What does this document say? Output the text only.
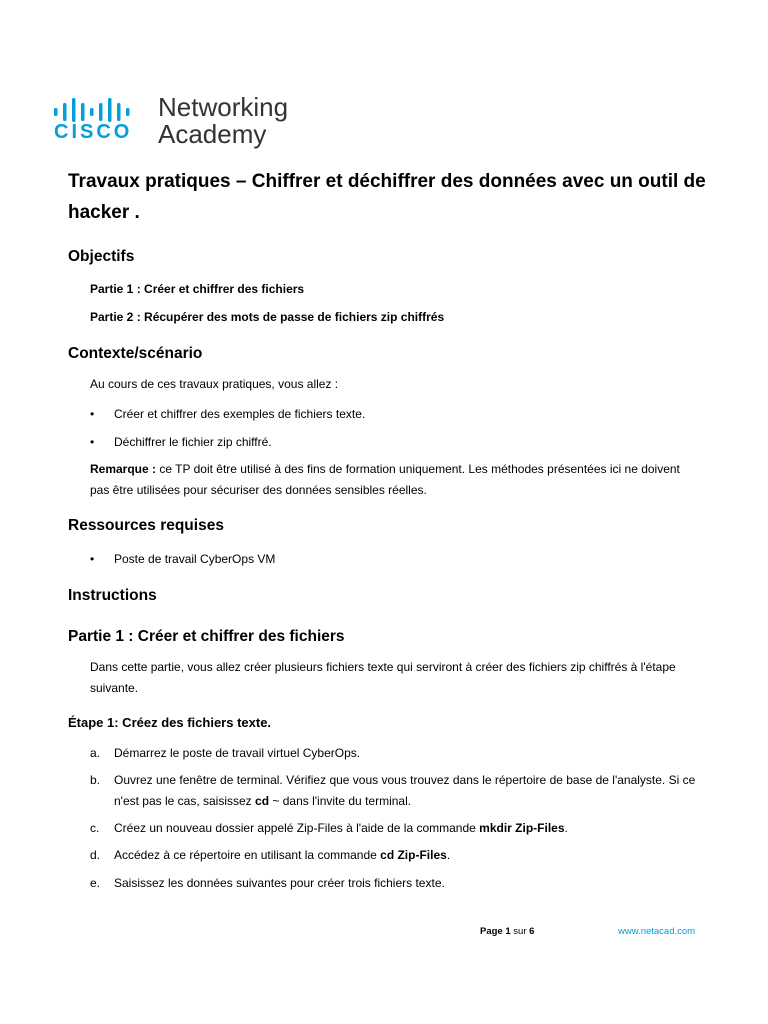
CISCO
Networking
Academy
Travaux pratiques – Chiffrer et déchiffrer des données avec un outil de hacker .
Objectifs
Partie 1 : Créer et chiffrer des fichiers
Partie 2 : Récupérer des mots de passe de fichiers zip chiffrés
Contexte/scénario
Au cours de ces travaux pratiques, vous allez :
• Créer et chiffrer des exemples de fichiers texte.
• Déchiffrer le fichier zip chiffré.
Remarque : ce TP doit être utilisé à des fins de formation uniquement. Les méthodes présentées ici ne doivent pas être utilisées pour sécuriser des données sensibles réelles.
Ressources requises
• Poste de travail CyberOps VM
Instructions
Partie 1 : Créer et chiffrer des fichiers
Dans cette partie, vous allez créer plusieurs fichiers texte qui serviront à créer des fichiers zip chiffrés à l'étape suivante.
Étape 1: Créez des fichiers texte.
a. Démarrez le poste de travail virtuel CyberOps.
b. Ouvrez une fenêtre de terminal. Vérifiez que vous vous trouvez dans le répertoire de base de l'analyste. Si ce n'est pas le cas, saisissez cd ~ dans l'invite du terminal.
c. Créez un nouveau dossier appelé Zip-Files à l'aide de la commande mkdir Zip-Files.
d. Accédez à ce répertoire en utilisant la commande cd Zip-Files.
e. Saisissez les données suivantes pour créer trois fichiers texte.
Page 1 sur 6	www.netacad.com
